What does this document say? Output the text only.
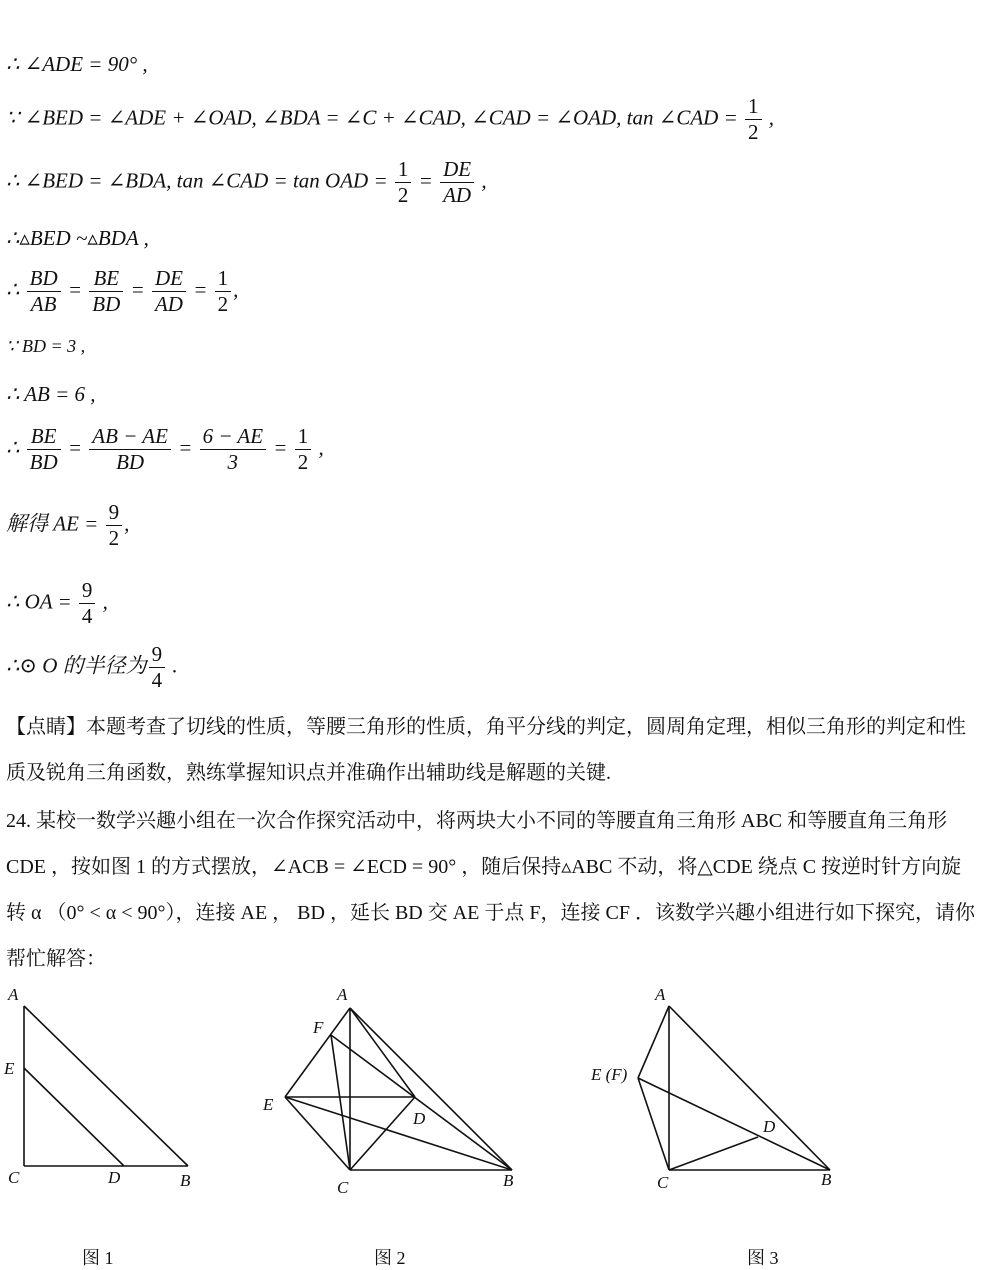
∴ ∠ADE = 90° ,
∵ ∠BED = ∠ADE + ∠OAD, ∠BDA = ∠C + ∠CAD, ∠CAD = ∠OAD, tan ∠CAD = $\frac{1}{2}$ ,
∴ ∠BED = ∠BDA, tan ∠CAD = tan OAD = $\frac{1}{2} = \frac{DE}{AD}$ ,
∴▵BED ~▵BDA ,
∴ $\frac{BD}{AB} = \frac{BE}{BD} = \frac{DE}{AD} = \frac{1}{2}$ ,
∵ BD = 3 ,
∴ AB = 6 ,
∴ $\frac{BE}{BD} = \frac{AB - AE}{BD} = \frac{6 - AE}{3} = \frac{1}{2}$ ,
解得 AE = $\frac{9}{2}$ ,
∴ OA = $\frac{9}{4}$ ,
∴⊙ O 的半径为 $\frac{9}{4}$ .
【点睛】本题考查了切线的性质，等腰三角形的性质，角平分线的判定，圆周角定理，相似三角形的判定和性质及锐角三角函数，熟练掌握知识点并准确作出辅助线是解题的关键.
24. 某校一数学兴趣小组在一次合作探究活动中，将两块大小不同的等腰直角三角形 ABC 和等腰直角三角形 CDE ，按如图 1 的方式摆放，∠ACB = ∠ECD = 90° ，随后保持▵ABC 不动，将△CDE 绕点 C 按逆时针方向旋转 α （0° < α < 90°），连接 AE ， BD ，延长 BD 交 AE 于点 F，连接 CF ．该数学兴趣小组进行如下探究，请你帮忙解答：
A
E
C	D	B
A
F
E
D
C	B
A
E (F)
D
C	B
图 1	图 2	图 3
